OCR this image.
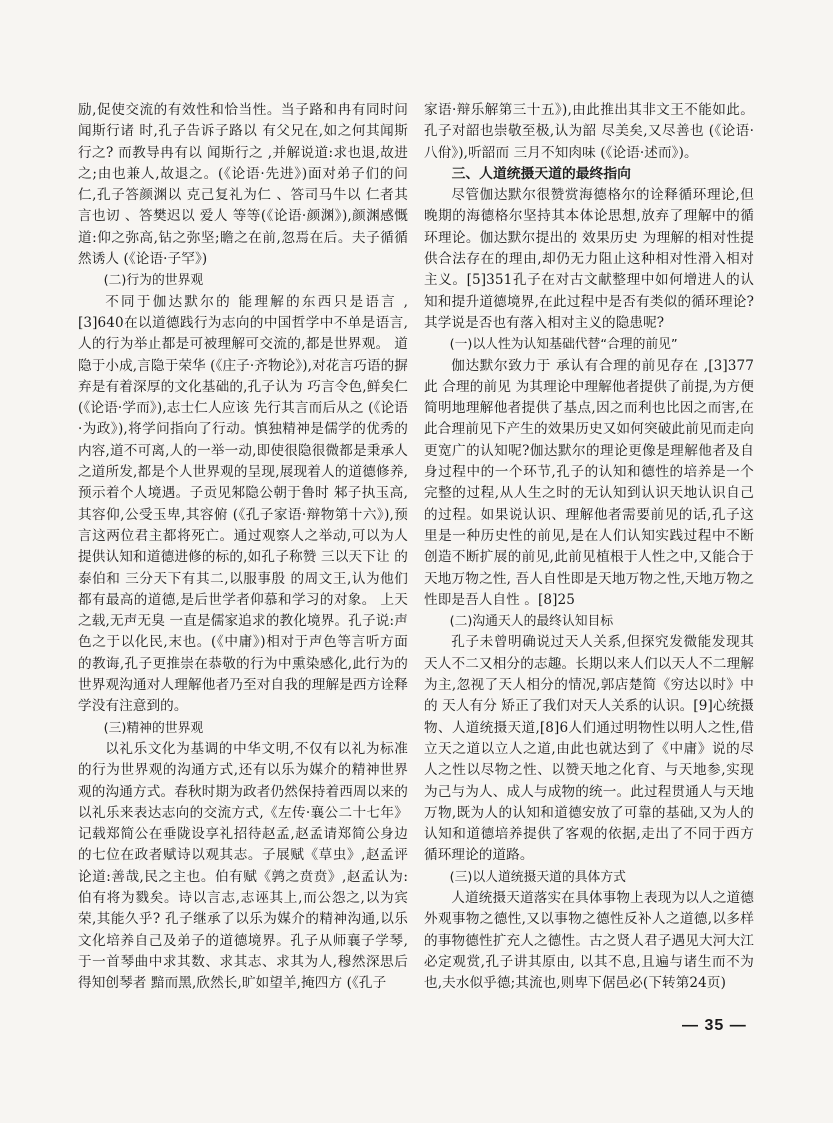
励,促使交流的有效性和恰当性。当子路和冉有同时问 闻斯行诸 时,孔子告诉子路以 有父兄在,如之何其闻斯行之? 而教导冉有以 闻斯行之 ,并解说道:求也退,故进之;由也兼人,故退之。(《论语·先进》)面对弟子们的问仁,孔子答颜渊以 克己复礼为仁 、答司马牛以 仁者其言也讱 、答樊迟以 爱人 等等(《论语·颜渊》),颜渊感慨道:仰之弥高,钻之弥坚;瞻之在前,忽焉在后。夫子循循然诱人 (《论语·子罕》)

(二)行为的世界观

不同于伽达默尔的 能理解的东西只是语言 ,[3]640在以道德践行为志向的中国哲学中不单是语言,人的行为举止都是可被理解可交流的,都是世界观。 道隐于小成,言隐于荣华 (《庄子·齐物论》),对花言巧语的摒弃是有着深厚的文化基础的,孔子认为 巧言令色,鲜矣仁 (《论语·学而》),志士仁人应该 先行其言而后从之 (《论语·为政》),将学问指向了行动。慎独精神是儒学的优秀的内容,道不可离,人的一举一动,即使很隐很微都是秉承人之道所发,都是个人世界观的呈现,展现着人的道德修养,预示着个人境遇。子贡见邾隐公朝于鲁时 邾子执玉高,其容仰,公受玉卑,其容俯 (《孔子家语·辩物第十六》),预言这两位君主都将死亡。通过观察人之举动,可以为人提供认知和道德进修的标的,如孔子称赞 三以天下让 的泰伯和 三分天下有其二,以服事殷 的周文王,认为他们都有最高的道德,是后世学者仰慕和学习的对象。 上天之载,无声无臭 一直是儒家追求的教化境界。孔子说:声色之于以化民,末也。(《中庸》)相对于声色等言听方面的教诲,孔子更推崇在恭敬的行为中熏染感化,此行为的世界观沟通对人理解他者乃至对自我的理解是西方诠释学没有注意到的。

(三)精神的世界观

以礼乐文化为基调的中华文明,不仅有以礼为标准的行为世界观的沟通方式,还有以乐为媒介的精神世界观的沟通方式。春秋时期为政者仍然保持着西周以来的以礼乐来表达志向的交流方式,《左传·襄公二十七年》记载郑简公在垂陇设享礼招待赵孟,赵孟请郑简公身边的七位在政者赋诗以观其志。子展赋《草虫》,赵孟评论道:善哉,民之主也。伯有赋《鹑之贲贲》,赵孟认为:伯有将为戮矣。诗以言志,志诬其上,而公怨之,以为宾荣,其能久乎? 孔子继承了以乐为媒介的精神沟通,以乐文化培养自己及弟子的道德境界。孔子从师襄子学琴,于一首琴曲中求其数、求其志、求其为人,穆然深思后得知创琴者 黯而黑,欣然长,旷如望羊,掩四方 (《孔子

家语·辩乐解第三十五》),由此推出其非文王不能如此。孔子对韶也崇敬至极,认为韶 尽美矣,又尽善也 (《论语·八佾》),听韶而 三月不知肉味 (《论语·述而》)。

三、人道统摄天道的最终指向

尽管伽达默尔很赞赏海德格尔的诠释循环理论,但晚期的海德格尔坚持其本体论思想,放弃了理解中的循环理论。伽达默尔提出的 效果历史 为理解的相对性提供合法存在的理由,却仍无力阻止这种相对性滑入相对主义。[5]351孔子在对古文献整理中如何增进人的认知和提升道德境界,在此过程中是否有类似的循环理论?其学说是否也有落入相对主义的隐患呢?

(一)以人性为认知基础代替“合理的前见”

伽达默尔致力于 承认有合理的前见存在 ,[3]377此 合理的前见 为其理论中理解他者提供了前提,为方便简明地理解他者提供了基点,因之而利也比因之而害,在此合理前见下产生的效果历史又如何突破此前见而走向更宽广的认知呢?伽达默尔的理论更像是理解他者及自身过程中的一个环节,孔子的认知和德性的培养是一个完整的过程,从人生之时的无认知到认识天地认识自己的过程。如果说认识、理解他者需要前见的话,孔子这里是一种历史性的前见,是在人们认知实践过程中不断创造不断扩展的前见,此前见植根于人性之中,又能合于天地万物之性, 吾人自性即是天地万物之性,天地万物之性即是吾人自性 。[8]25

(二)沟通天人的最终认知目标

孔子未曾明确说过天人关系,但探究发微能发现其天人不二又相分的志趣。长期以来人们以天人不二理解为主,忽视了天人相分的情况,郭店楚简《穷达以时》中的 天人有分 矫正了我们对天人关系的认识。[9]心统摄物、人道统摄天道,[8]6人们通过明物性以明人之性,借立天之道以立人之道,由此也就达到了《中庸》说的尽人之性以尽物之性、以赞天地之化育、与天地参,实现为己与为人、成人与成物的统一。此过程贯通人与天地万物,既为人的认知和道德安放了可靠的基础,又为人的认知和道德培养提供了客观的依据,走出了不同于西方循环理论的道路。

(三)以人道统摄天道的具体方式

人道统摄天道落实在具体事物上表现为以人之道德外观事物之德性,又以事物之德性反补人之道德,以多样的事物德性扩充人之德性。古之贤人君子遇见大河大江必定观赏,孔子讲其原由, 以其不息,且遍与诸生而不为也,夫水似乎德;其流也,则卑下倨邑必(下转第24页)

— 35 —
